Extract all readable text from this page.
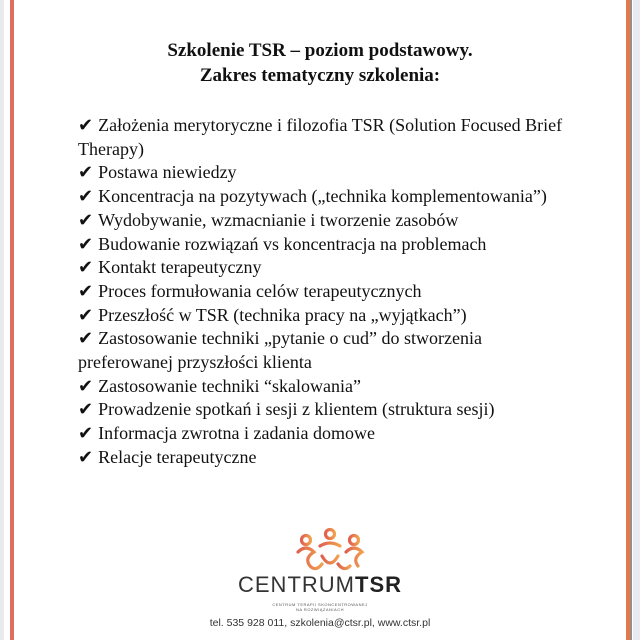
Szkolenie TSR – poziom podstawowy.
Zakres tematyczny szkolenia:

✔ Założenia merytoryczne i filozofia TSR (Solution Focused Brief Therapy)

✔ Postawa niewiedzy

✔ Koncentracja na pozytywach („technika komplementowania”)

✔ Wydobywanie, wzmacnianie i tworzenie zasobów

✔ Budowanie rozwiązań vs koncentracja na problemach

✔ Kontakt terapeutyczny

✔ Proces formułowania celów terapeutycznych

✔ Przeszłość w TSR (technika pracy na „wyjątkach”)

✔ Zastosowanie techniki „pytanie o cud” do stworzenia preferowanej przyszłości klienta

✔ Zastosowanie techniki “skalowania”

✔ Prowadzenie spotkań i sesji z klientem (struktura sesji)

✔ Informacja zwrotna i zadania domowe

✔ Relacje terapeutyczne

CENTRUMTSR
CENTRUM TERAPII SKONCENTROWANEJ
NA ROZWIĄZANIACH
tel. 535 928 011, szkolenia@ctsr.pl, www.ctsr.pl
